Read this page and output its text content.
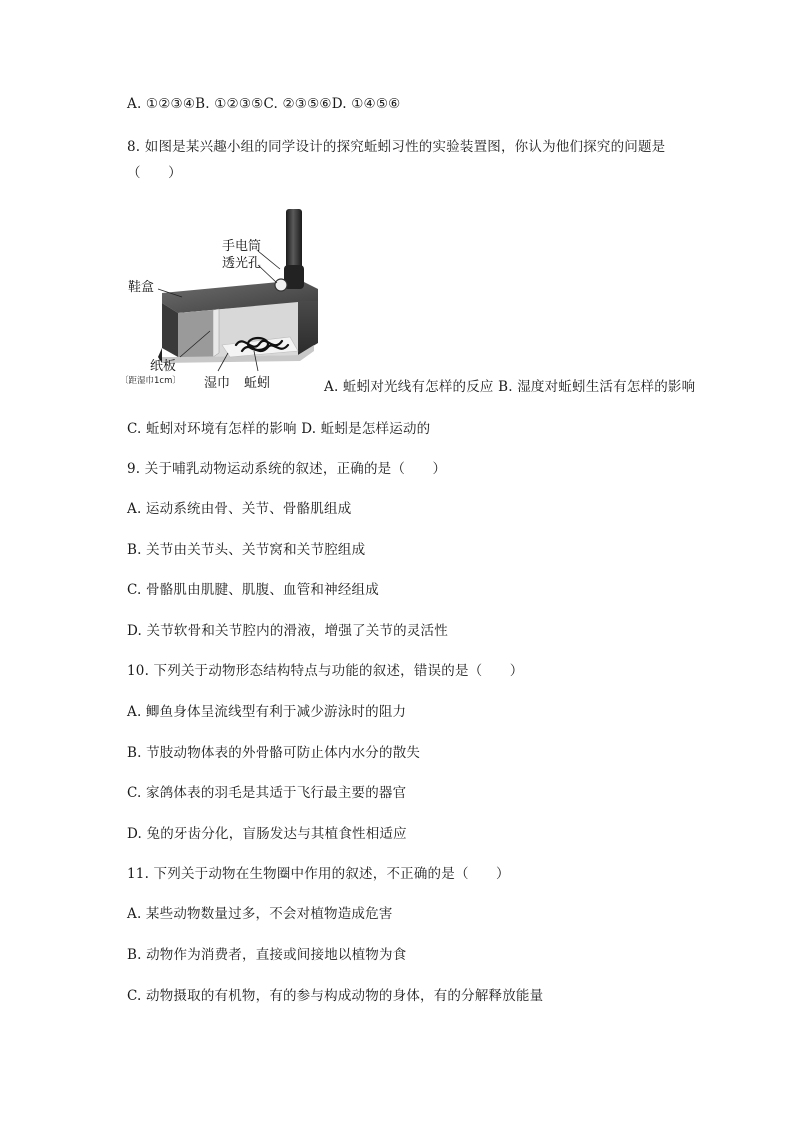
A. ①②③④B. ①②③⑤C. ②③⑤⑥D. ①④⑤⑥
8. 如图是某兴趣小组的同学设计的探究蚯蚓习性的实验装置图，你认为他们探究的问题是
（　　）
手电筒
透光孔
鞋盒
纸板
〔距湿巾1cm〕 湿巾 蚯蚓	A. 蚯蚓对光线有怎样的反应 B. 湿度对蚯蚓生活有怎样的影响
C. 蚯蚓对环境有怎样的影响 D. 蚯蚓是怎样运动的
9. 关于哺乳动物运动系统的叙述，正确的是（　　）
A. 运动系统由骨、关节、骨骼肌组成
B. 关节由关节头、关节窝和关节腔组成
C. 骨骼肌由肌腱、肌腹、血管和神经组成
D. 关节软骨和关节腔内的滑液，增强了关节的灵活性
10. 下列关于动物形态结构特点与功能的叙述，错误的是（　　）
A. 鲫鱼身体呈流线型有利于减少游泳时的阻力
B. 节肢动物体表的外骨骼可防止体内水分的散失
C. 家鸽体表的羽毛是其适于飞行最主要的器官
D. 兔的牙齿分化，盲肠发达与其植食性相适应
11. 下列关于动物在生物圈中作用的叙述，不正确的是（　　）
A. 某些动物数量过多，不会对植物造成危害
B. 动物作为消费者，直接或间接地以植物为食
C. 动物摄取的有机物，有的参与构成动物的身体，有的分解释放能量
